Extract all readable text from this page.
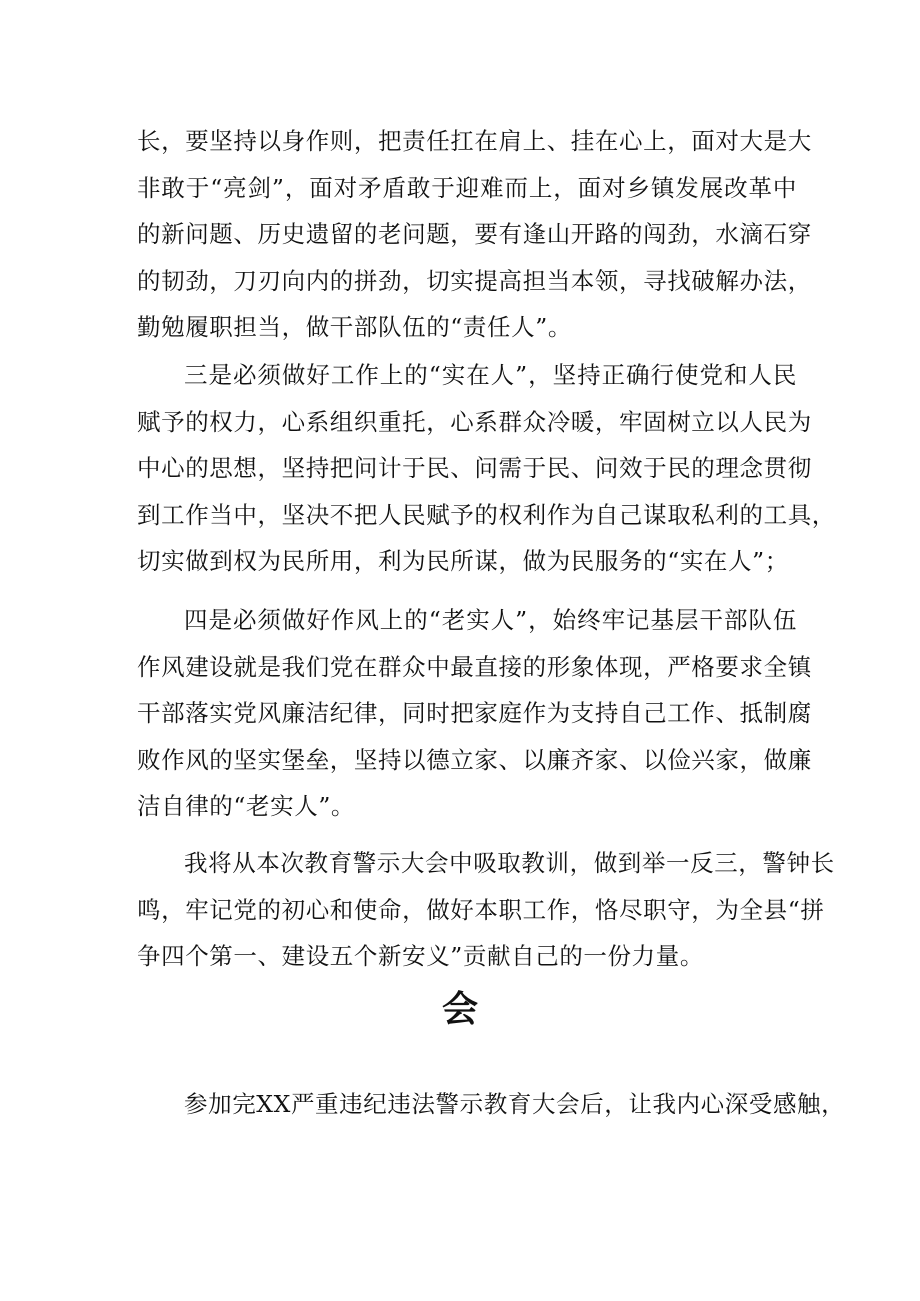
长，要坚持以身作则，把责任扛在肩上、挂在心上，面对大是大
非敢于“亮剑”，面对矛盾敢于迎难而上，面对乡镇发展改革中
的新问题、历史遗留的老问题，要有逢山开路的闯劲，水滴石穿
的韧劲，刀刃向内的拼劲，切实提高担当本领，寻找破解办法，
勤勉履职担当，做干部队伍的“责任人”。
三是必须做好工作上的“实在人”，坚持正确行使党和人民
赋予的权力，心系组织重托，心系群众冷暖，牢固树立以人民为
中心的思想，坚持把问计于民、问需于民、问效于民的理念贯彻
到工作当中，坚决不把人民赋予的权利作为自己谋取私利的工具，
切实做到权为民所用，利为民所谋，做为民服务的“实在人”；
四是必须做好作风上的“老实人”，始终牢记基层干部队伍
作风建设就是我们党在群众中最直接的形象体现，严格要求全镇
干部落实党风廉洁纪律，同时把家庭作为支持自己工作、抵制腐
败作风的坚实堡垒，坚持以德立家、以廉齐家、以俭兴家，做廉
洁自律的“老实人”。
我将从本次教育警示大会中吸取教训，做到举一反三，警钟长
鸣，牢记党的初心和使命，做好本职工作，恪尽职守，为全县“拼
争四个第一、建设五个新安义”贡献自己的一份力量。
会
参加完XX严重违纪违法警示教育大会后，让我内心深受感触，
